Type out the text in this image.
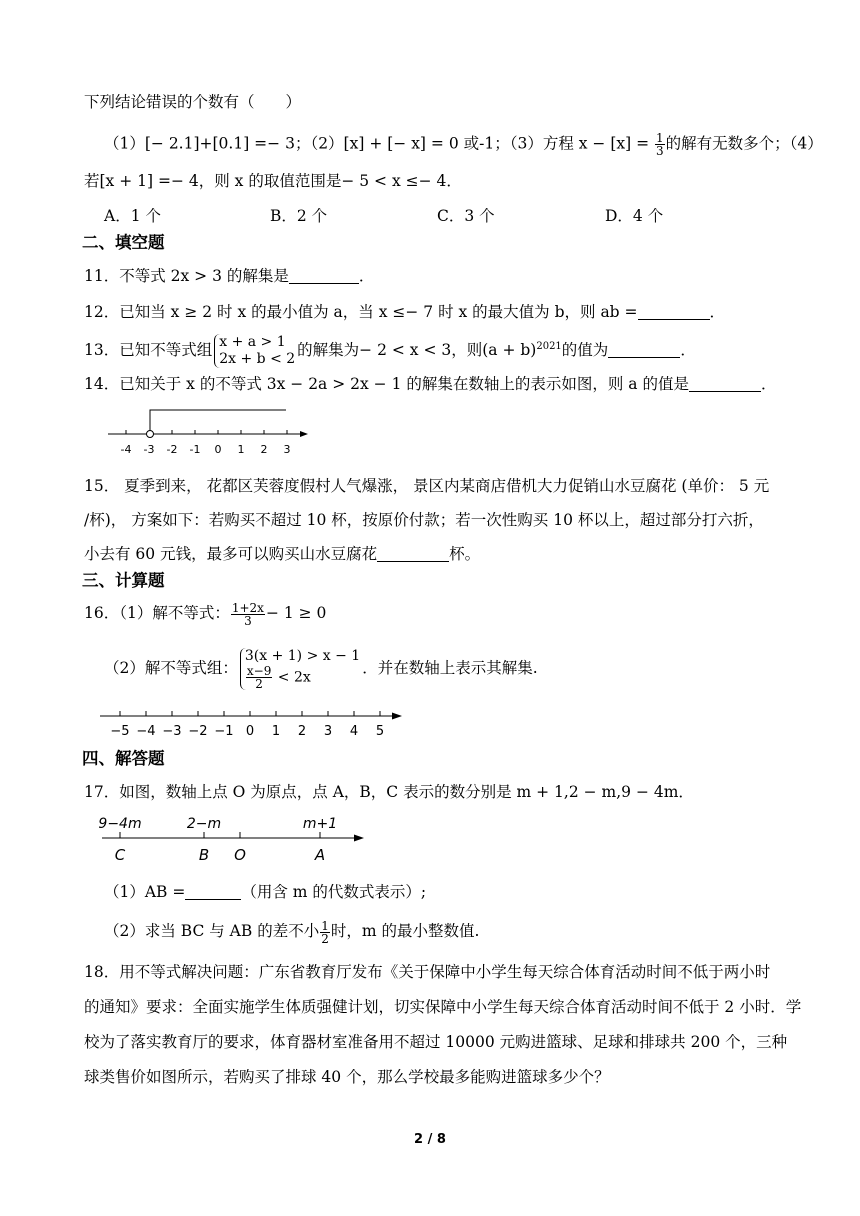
下列结论错误的个数有（　　）
（1）[− 2.1]+[0.1] =− 3；（2）[x] + [− x] = 0 或-1；（3）方程 $x - [x] = \frac{1}{3}$ 的解有无数多个；（4）
若[x + 1] =− 4，则 x 的取值范围是− 5 < x ≤− 4．
A．1 个	B．2 个	C．3 个	D．4 个
二、填空题
11．不等式 2x > 3 的解集是	．
12．已知当 x ≥ 2 时 x 的最小值为 a，当 x ≤− 7 时 x 的最大值为 b，则 ab =	．
13．已知不等式组 x + a > 1
2x + b < 2 的解集为− 2 < x < 3，则$(a + b)^{2021}$的值为	．
14．已知关于 x 的不等式 3x − 2a > 2x − 1 的解集在数轴上的表示如图，则 a 的值是	．
-4 -3 -2 -1 0 1 2 3
15． 夏季到来， 花都区芙蓉度假村人气爆涨， 景区内某商店借机大力促销山水豆腐花 (单价： 5 元
/杯)， 方案如下：若购买不超过 10 杯，按原价付款；若一次性购买 10 杯以上，超过部分打六折，
小去有 60 元钱，最多可以购买山水豆腐花	杯。
三、计算题
16．（1）解不等式： $\frac{1+2x}{3} - 1 \ge 0$
（2）解不等式组：
3(x + 1) > x − 1
$\frac{x-9}{2} < 2x$
．并在数轴上表示其解集.
−5 −4 −3 −2 −1 0 1 2 3 4 5
四、解答题
17．如图，数轴上点 O 为原点，点 A，B，C 表示的数分别是 m + 1,2 − m,9 − 4m．
9−4m	2−m	m+1
C	B O	A
（1）AB =	（用含 m 的代数式表示）;
（2）求当 BC 与 AB 的差不小 $\frac{1}{2}$ 时，m 的最小整数值.
18．用不等式解决问题：广东省教育厅发布《关于保障中小学生每天综合体育活动时间不低于两小时
的通知》要求：全面实施学生体质强健计划，切实保障中小学生每天综合体育活动时间不低于 2 小时．学
校为了落实教育厅的要求，体育器材室准备用不超过 10000 元购进篮球、足球和排球共 200 个，三种
球类售价如图所示，若购买了排球 40 个，那么学校最多能购进篮球多少个？
2 / 8
